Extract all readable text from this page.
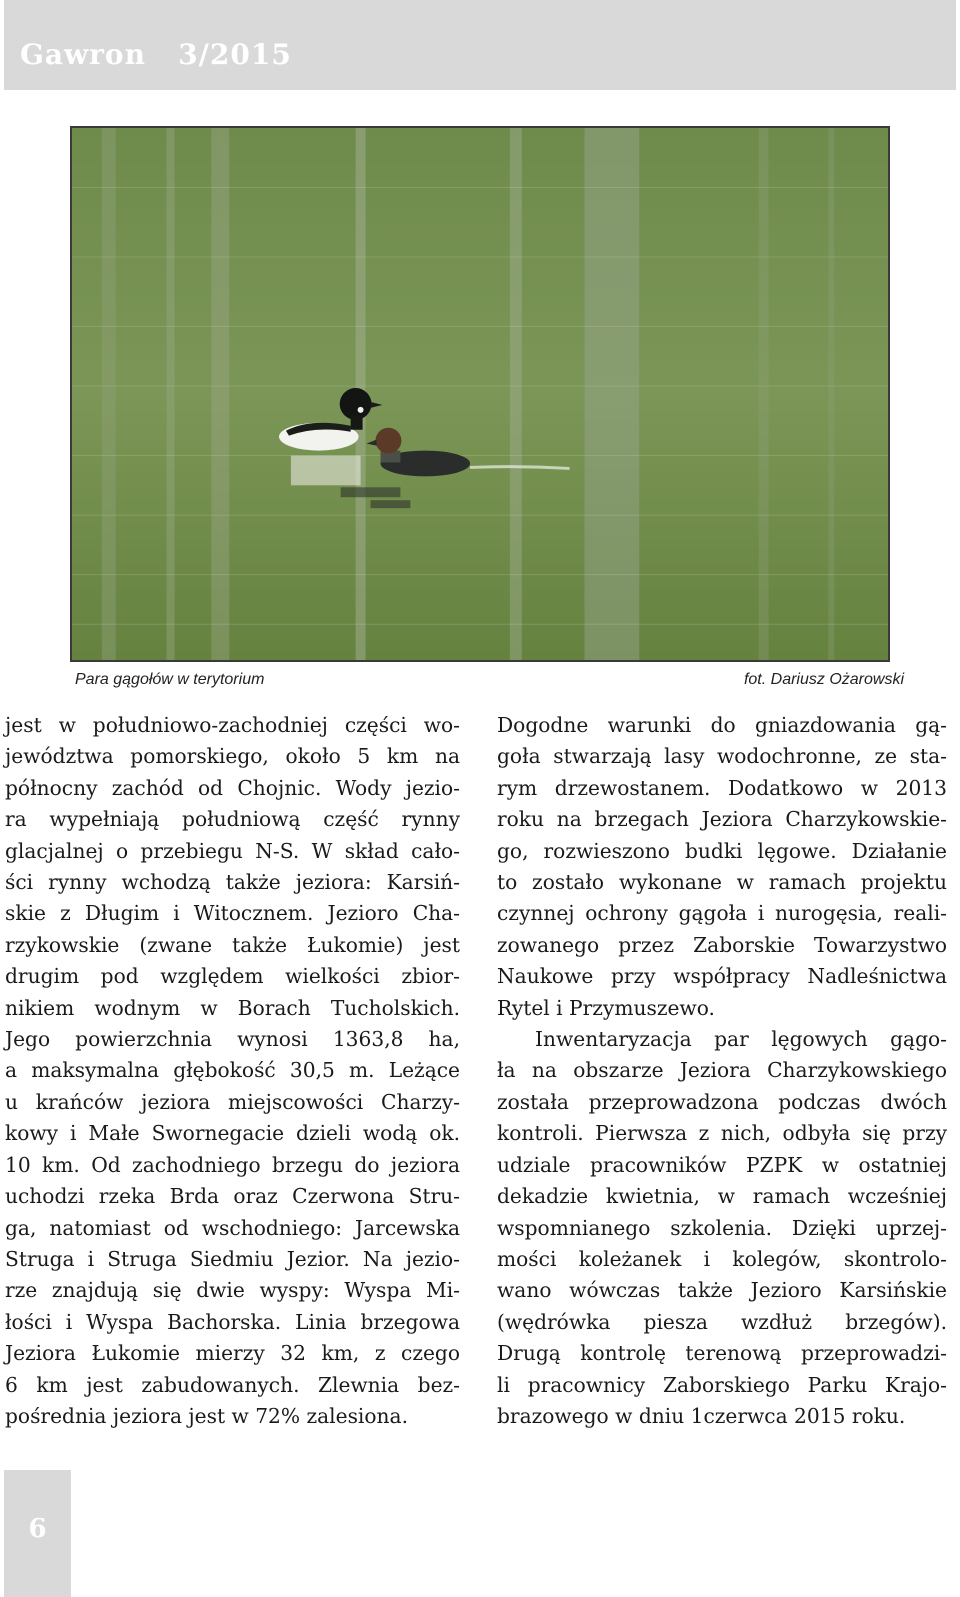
Gawron   3/2015
Para gągołów w terytorium	fot. Dariusz Ożarowski
jest w południowo-zachodniej części wo-
jewództwa pomorskiego, około 5 km na
północny zachód od Chojnic. Wody jezio-
ra wypełniają południową część rynny
glacjalnej o przebiegu N-S. W skład cało-
ści rynny wchodzą także jeziora: Karsiń-
skie z Długim i Witocznem. Jezioro Cha-
rzykowskie (zwane także Łukomie) jest
drugim pod względem wielkości zbior-
nikiem wodnym w Borach Tucholskich.
Jego powierzchnia wynosi 1363,8 ha,
a maksymalna głębokość 30,5 m. Leżące
u krańców jeziora miejscowości Charzy-
kowy i Małe Swornegacie dzieli wodą ok.
10 km. Od zachodniego brzegu do jeziora
uchodzi rzeka Brda oraz Czerwona Stru-
ga, natomiast od wschodniego: Jarcewska
Struga i Struga Siedmiu Jezior. Na jezio-
rze znajdują się dwie wyspy: Wyspa Mi-
łości i Wyspa Bachorska. Linia brzegowa
Jeziora Łukomie mierzy 32 km, z czego
6 km jest zabudowanych. Zlewnia bez-
pośrednia jeziora jest w 72% zalesiona.
Dogodne warunki do gniazdowania gą-
goła stwarzają lasy wodochronne, ze sta-
rym drzewostanem. Dodatkowo w 2013
roku na brzegach Jeziora Charzykowskie-
go, rozwieszono budki lęgowe. Działanie
to zostało wykonane w ramach projektu
czynnej ochrony gągoła i nurogęsia, reali-
zowanego przez Zaborskie Towarzystwo
Naukowe przy współpracy Nadleśnictwa
Rytel i Przymuszewo.
Inwentaryzacja par lęgowych gągo-
ła na obszarze Jeziora Charzykowskiego
została przeprowadzona podczas dwóch
kontroli. Pierwsza z nich, odbyła się przy
udziale pracowników PZPK w ostatniej
dekadzie kwietnia, w ramach wcześniej
wspomnianego szkolenia. Dzięki uprzej-
mości koleżanek i kolegów, skontrolo-
wano wówczas także Jezioro Karsińskie
(wędrówka piesza wzdłuż brzegów).
Drugą kontrolę terenową przeprowadzi-
li pracownicy Zaborskiego Parku Krajo-
brazowego w dniu 1czerwca 2015 roku.
6
